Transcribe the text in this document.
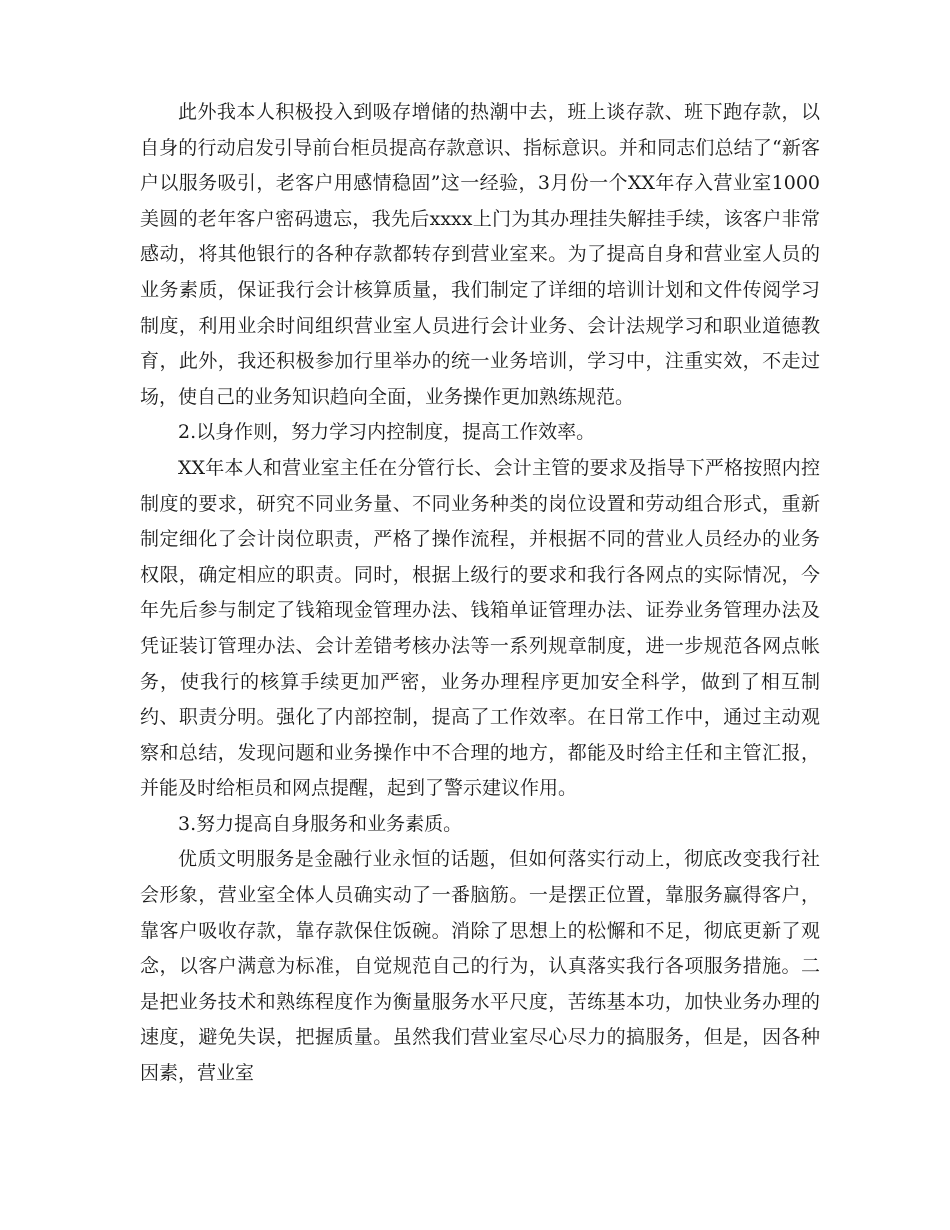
此外我本人积极投入到吸存增储的热潮中去，班上谈存款、班下跑存款，以自身的行动启发引导前台柜员提高存款意识、指标意识。并和同志们总结了“新客户以服务吸引，老客户用感情稳固”这一经验，3月份一个XX年存入营业室1000美圆的老年客户密码遗忘，我先后xxxx上门为其办理挂失解挂手续，该客户非常感动，将其他银行的各种存款都转存到营业室来。为了提高自身和营业室人员的业务素质，保证我行会计核算质量，我们制定了详细的培训计划和文件传阅学习制度，利用业余时间组织营业室人员进行会计业务、会计法规学习和职业道德教育，此外，我还积极参加行里举办的统一业务培训，学习中，注重实效，不走过场，使自己的业务知识趋向全面，业务操作更加熟练规范。

2.以身作则，努力学习内控制度，提高工作效率。

XX年本人和营业室主任在分管行长、会计主管的要求及指导下严格按照内控制度的要求，研究不同业务量、不同业务种类的岗位设置和劳动组合形式，重新制定细化了会计岗位职责，严格了操作流程，并根据不同的营业人员经办的业务权限，确定相应的职责。同时，根据上级行的要求和我行各网点的实际情况，今年先后参与制定了钱箱现金管理办法、钱箱单证管理办法、证券业务管理办法及凭证装订管理办法、会计差错考核办法等一系列规章制度，进一步规范各网点帐务，使我行的核算手续更加严密，业务办理程序更加安全科学，做到了相互制约、职责分明。强化了内部控制，提高了工作效率。在日常工作中，通过主动观察和总结，发现问题和业务操作中不合理的地方，都能及时给主任和主管汇报，并能及时给柜员和网点提醒，起到了警示建议作用。

3.努力提高自身服务和业务素质。

优质文明服务是金融行业永恒的话题，但如何落实行动上，彻底改变我行社会形象，营业室全体人员确实动了一番脑筋。一是摆正位置，靠服务赢得客户，靠客户吸收存款，靠存款保住饭碗。消除了思想上的松懈和不足，彻底更新了观念，以客户满意为标准，自觉规范自己的行为，认真落实我行各项服务措施。二是把业务技术和熟练程度作为衡量服务水平尺度，苦练基本功，加快业务办理的速度，避免失误，把握质量。虽然我们营业室尽心尽力的搞服务，但是，因各种因素，营业室
